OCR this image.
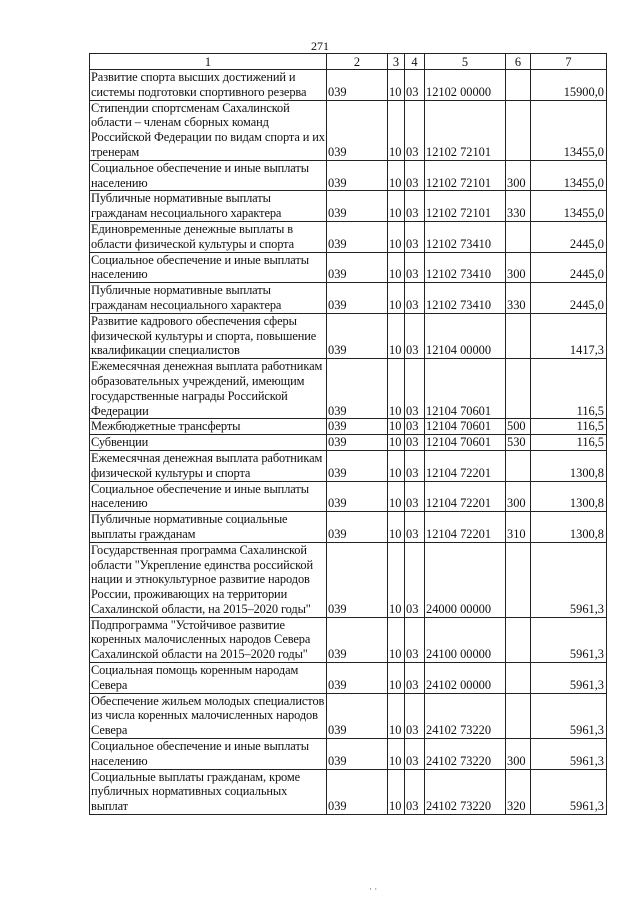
271
1	2	3	4	5	6	7
Развитие спорта высших достижений и системы подготовки спортивного резерва	039	10	03	12102 00000		15900,0
Стипендии спортсменам Сахалинской области – членам сборных команд Российской Федерации по видам спорта и их тренерам	039	10	03	12102 72101		13455,0
Социальное обеспечение и иные выплаты населению	039	10	03	12102 72101	300	13455,0
Публичные нормативные выплаты гражданам несоциального характера	039	10	03	12102 72101	330	13455,0
Единовременные денежные выплаты в области физической культуры и спорта	039	10	03	12102 73410		2445,0
Социальное обеспечение и иные выплаты населению	039	10	03	12102 73410	300	2445,0
Публичные нормативные выплаты гражданам несоциального характера	039	10	03	12102 73410	330	2445,0
Развитие кадрового обеспечения сферы физической культуры и спорта, повышение квалификации специалистов	039	10	03	12104 00000		1417,3
Ежемесячная денежная выплата работникам образовательных учреждений, имеющим государственные награды Российской Федерации	039	10	03	12104 70601		116,5
Межбюджетные трансферты	039	10	03	12104 70601	500	116,5
Субвенции	039	10	03	12104 70601	530	116,5
Ежемесячная денежная выплата работникам физической культуры и спорта	039	10	03	12104 72201		1300,8
Социальное обеспечение и иные выплаты населению	039	10	03	12104 72201	300	1300,8
Публичные нормативные социальные выплаты гражданам	039	10	03	12104 72201	310	1300,8
Государственная программа Сахалинской области "Укрепление единства российской нации и этнокультурное развитие народов России, проживающих на территории Сахалинской области, на 2015–2020 годы"	039	10	03	24000 00000		5961,3
Подпрограмма "Устойчивое развитие коренных малочисленных народов Севера Сахалинской области на 2015–2020 годы"	039	10	03	24100 00000		5961,3
Социальная помощь коренным народам Севера	039	10	03	24102 00000		5961,3
Обеспечение жильем молодых специалистов из числа коренных малочисленных народов Севера	039	10	03	24102 73220		5961,3
Социальное обеспечение и иные выплаты населению	039	10	03	24102 73220	300	5961,3
Социальные выплаты гражданам, кроме публичных нормативных социальных выплат	039	10	03	24102 73220	320	5961,3
· ·
